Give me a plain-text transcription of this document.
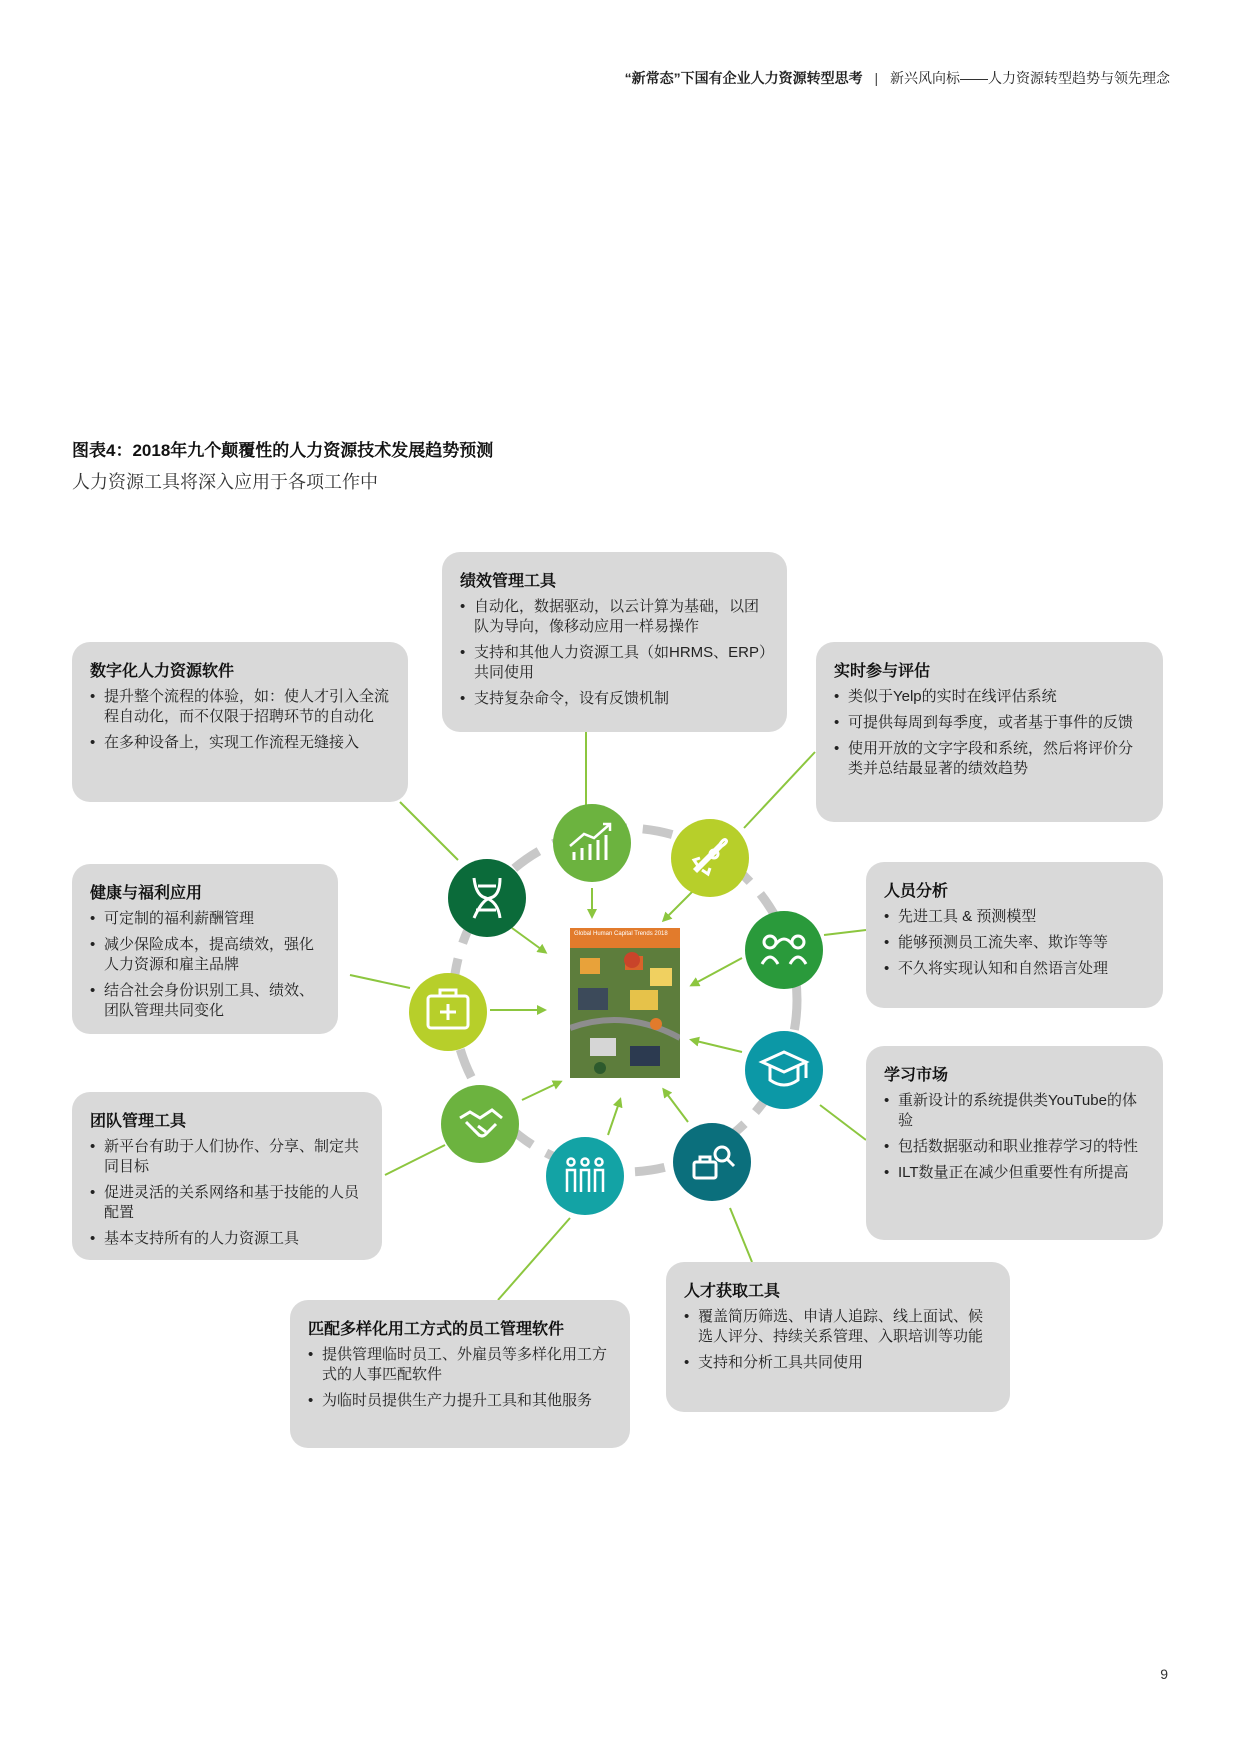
“新常态”下国有企业人力资源转型思考 | 新兴风向标——人力资源转型趋势与领先理念
图表4：2018年九个颠覆性的人力资源技术发展趋势预测
人力资源工具将深入应用于各项工作中
Global Human Capital Trends 2018
绩效管理工具
• 自动化，数据驱动，以云计算为基础，以团队为导向，像移动应用一样易操作
• 支持和其他人力资源工具（如HRMS、ERP）共同使用
• 支持复杂命令，设有反馈机制
数字化人力资源软件
• 提升整个流程的体验，如：使人才引入全流程自动化，而不仅限于招聘环节的自动化
• 在多种设备上，实现工作流程无缝接入
实时参与评估
• 类似于Yelp的实时在线评估系统
• 可提供每周到每季度，或者基于事件的反馈
• 使用开放的文字字段和系统，然后将评价分类并总结最显著的绩效趋势
健康与福利应用
• 可定制的福利薪酬管理
• 减少保险成本，提高绩效，强化人力资源和雇主品牌
• 结合社会身份识别工具、绩效、团队管理共同变化
人员分析
• 先进工具 & 预测模型
• 能够预测员工流失率、欺诈等等
• 不久将实现认知和自然语言处理
团队管理工具
• 新平台有助于人们协作、分享、制定共同目标
• 促进灵活的关系网络和基于技能的人员配置
• 基本支持所有的人力资源工具
学习市场
• 重新设计的系统提供类YouTube的体验
• 包括数据驱动和职业推荐学习的特性
• ILT数量正在减少但重要性有所提高
人才获取工具
• 覆盖简历筛选、申请人追踪、线上面试、候选人评分、持续关系管理、入职培训等功能
• 支持和分析工具共同使用
匹配多样化用工方式的员工管理软件
• 提供管理临时员工、外雇员等多样化用工方式的人事匹配软件
• 为临时员提供生产力提升工具和其他服务
9
